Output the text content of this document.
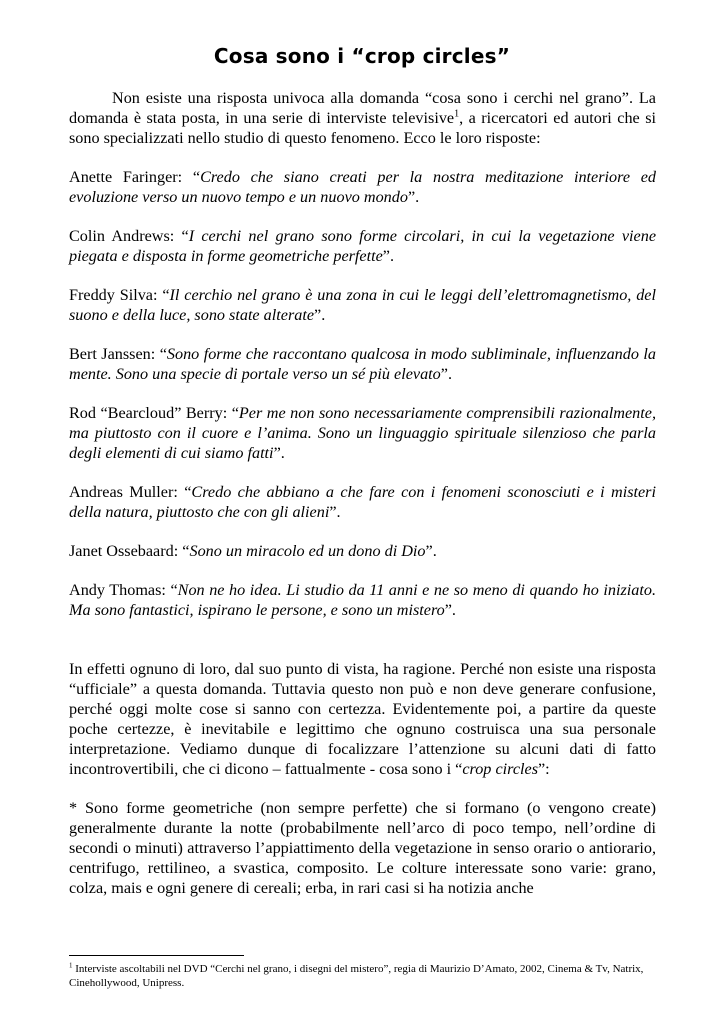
Cosa sono i “crop circles”

Non esiste una risposta univoca alla domanda “cosa sono i cerchi nel grano”. La domanda è stata posta, in una serie di interviste televisive$^1$, a ricercatori ed autori che si sono specializzati nello studio di questo fenomeno. Ecco le loro risposte:

Anette Faringer: “Credo che siano creati per la nostra meditazione interiore ed evoluzione verso un nuovo tempo e un nuovo mondo”.

Colin Andrews: “I cerchi nel grano sono forme circolari, in cui la vegetazione viene piegata e disposta in forme geometriche perfette”.

Freddy Silva: “Il cerchio nel grano è una zona in cui le leggi dell’elettromagnetismo, del suono e della luce, sono state alterate”.

Bert Janssen: “Sono forme che raccontano qualcosa in modo subliminale, influenzando la mente. Sono una specie di portale verso un sé più elevato”.

Rod “Bearcloud” Berry: “Per me non sono necessariamente comprensibili razionalmente, ma piuttosto con il cuore e l’anima. Sono un linguaggio spirituale silenzioso che parla degli elementi di cui siamo fatti”.

Andreas Muller: “Credo che abbiano a che fare con i fenomeni sconosciuti e i misteri della natura, piuttosto che con gli alieni”.

Janet Ossebaard: “Sono un miracolo ed un dono di Dio”.

Andy Thomas: “Non ne ho idea. Li studio da 11 anni e ne so meno di quando ho iniziato. Ma sono fantastici, ispirano le persone, e sono un mistero”.

In effetti ognuno di loro, dal suo punto di vista, ha ragione. Perché non esiste una risposta “ufficiale” a questa domanda. Tuttavia questo non può e non deve generare confusione, perché oggi molte cose si sanno con certezza. Evidentemente poi, a partire da queste poche certezze, è inevitabile e legittimo che ognuno costruisca una sua personale interpretazione. Vediamo dunque di focalizzare l’attenzione su alcuni dati di fatto incontrovertibili, che ci dicono – fattualmente - cosa sono i “crop circles”:

* Sono forme geometriche (non sempre perfette) che si formano (o vengono create) generalmente durante la notte (probabilmente nell’arco di poco tempo, nell’ordine di secondi o minuti) attraverso l’appiattimento della vegetazione in senso orario o antiorario, centrifugo, rettilineo, a svastica, composito. Le colture interessate sono varie: grano, colza, mais e ogni genere di cereali; erba, in rari casi si ha notizia anche

$^1$ Interviste ascoltabili nel DVD “Cerchi nel grano, i disegni del mistero”, regia di Maurizio D’Amato, 2002, Cinema & Tv, Natrix, Cinehollywood, Unipress.
